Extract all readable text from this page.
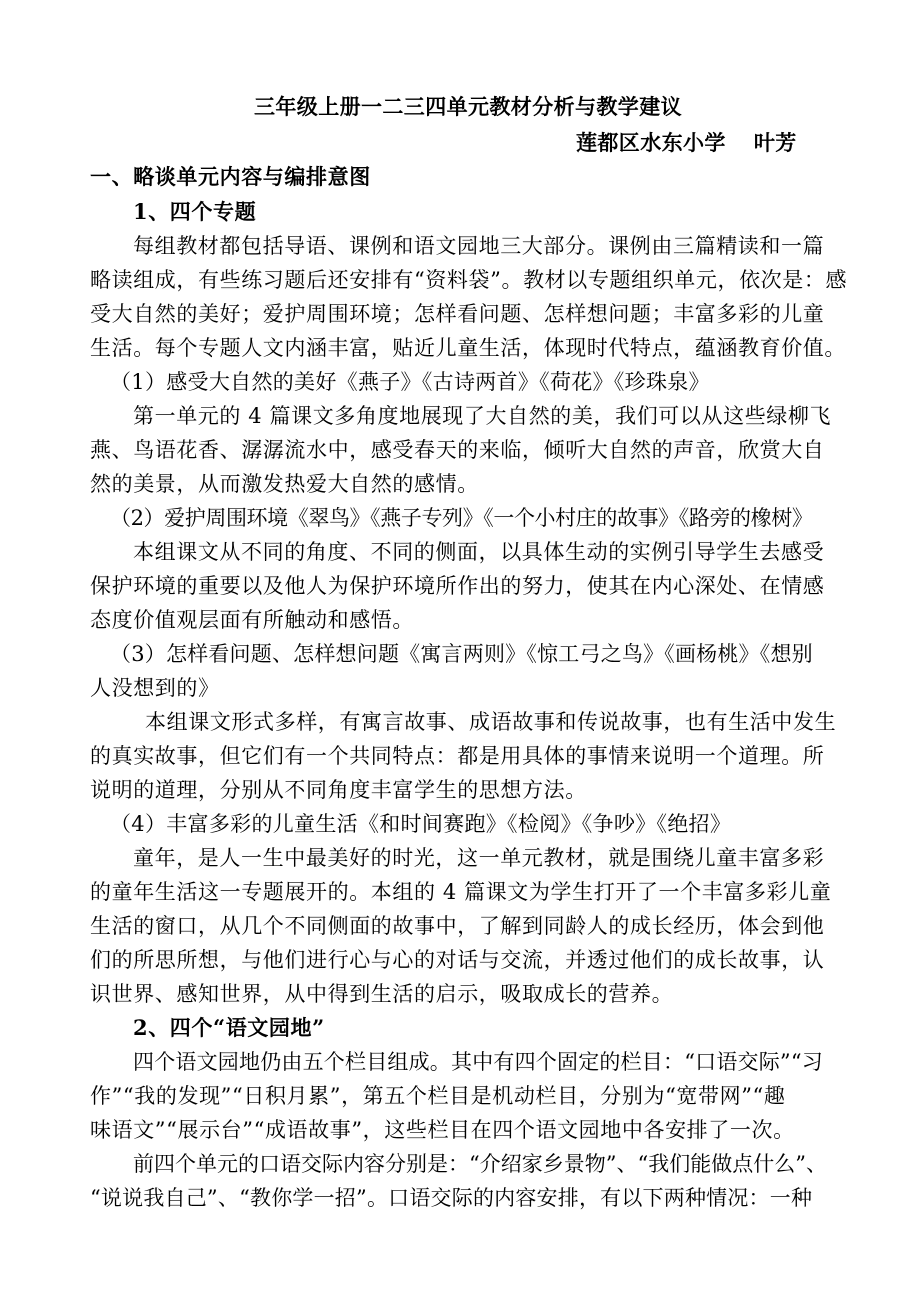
三年级上册一二三四单元教材分析与教学建议
莲都区水东小学 叶芳
一、略谈单元内容与编排意图
1、四个专题
每组教材都包括导语、课例和语文园地三大部分。课例由三篇精读和一篇
略读组成，有些练习题后还安排有“资料袋”。教材以专题组织单元，依次是：感
受大自然的美好；爱护周围环境；怎样看问题、怎样想问题；丰富多彩的儿童
生活。每个专题人文内涵丰富，贴近儿童生活，体现时代特点，蕴涵教育价值。
（1）感受大自然的美好《燕子》《古诗两首》《荷花》《珍珠泉》
第一单元的 4 篇课文多角度地展现了大自然的美，我们可以从这些绿柳飞
燕、鸟语花香、潺潺流水中，感受春天的来临，倾听大自然的声音，欣赏大自
然的美景，从而激发热爱大自然的感情。
（2）爱护周围环境《翠鸟》《燕子专列》《一个小村庄的故事》《路旁的橡树》
本组课文从不同的角度、不同的侧面，以具体生动的实例引导学生去感受
保护环境的重要以及他人为保护环境所作出的努力，使其在内心深处、在情感
态度价值观层面有所触动和感悟。
（3）怎样看问题、怎样想问题《寓言两则》《惊工弓之鸟》《画杨桃》《想别
人没想到的》
本组课文形式多样，有寓言故事、成语故事和传说故事，也有生活中发生
的真实故事，但它们有一个共同特点：都是用具体的事情来说明一个道理。所
说明的道理，分别从不同角度丰富学生的思想方法。
（4）丰富多彩的儿童生活《和时间赛跑》《检阅》《争吵》《绝招》
童年，是人一生中最美好的时光，这一单元教材，就是围绕儿童丰富多彩
的童年生活这一专题展开的。本组的 4 篇课文为学生打开了一个丰富多彩儿童
生活的窗口，从几个不同侧面的故事中，了解到同龄人的成长经历，体会到他
们的所思所想，与他们进行心与心的对话与交流，并透过他们的成长故事，认
识世界、感知世界，从中得到生活的启示，吸取成长的营养。
2、四个“语文园地”
四个语文园地仍由五个栏目组成。其中有四个固定的栏目：“口语交际”“习
作”“我的发现”“日积月累”，第五个栏目是机动栏目，分别为“宽带网”“趣
味语文”“展示台”“成语故事”，这些栏目在四个语文园地中各安排了一次。
前四个单元的口语交际内容分别是：“介绍家乡景物”、“我们能做点什么”、
“说说我自己”、“教你学一招”。口语交际的内容安排，有以下两种情况：一种
